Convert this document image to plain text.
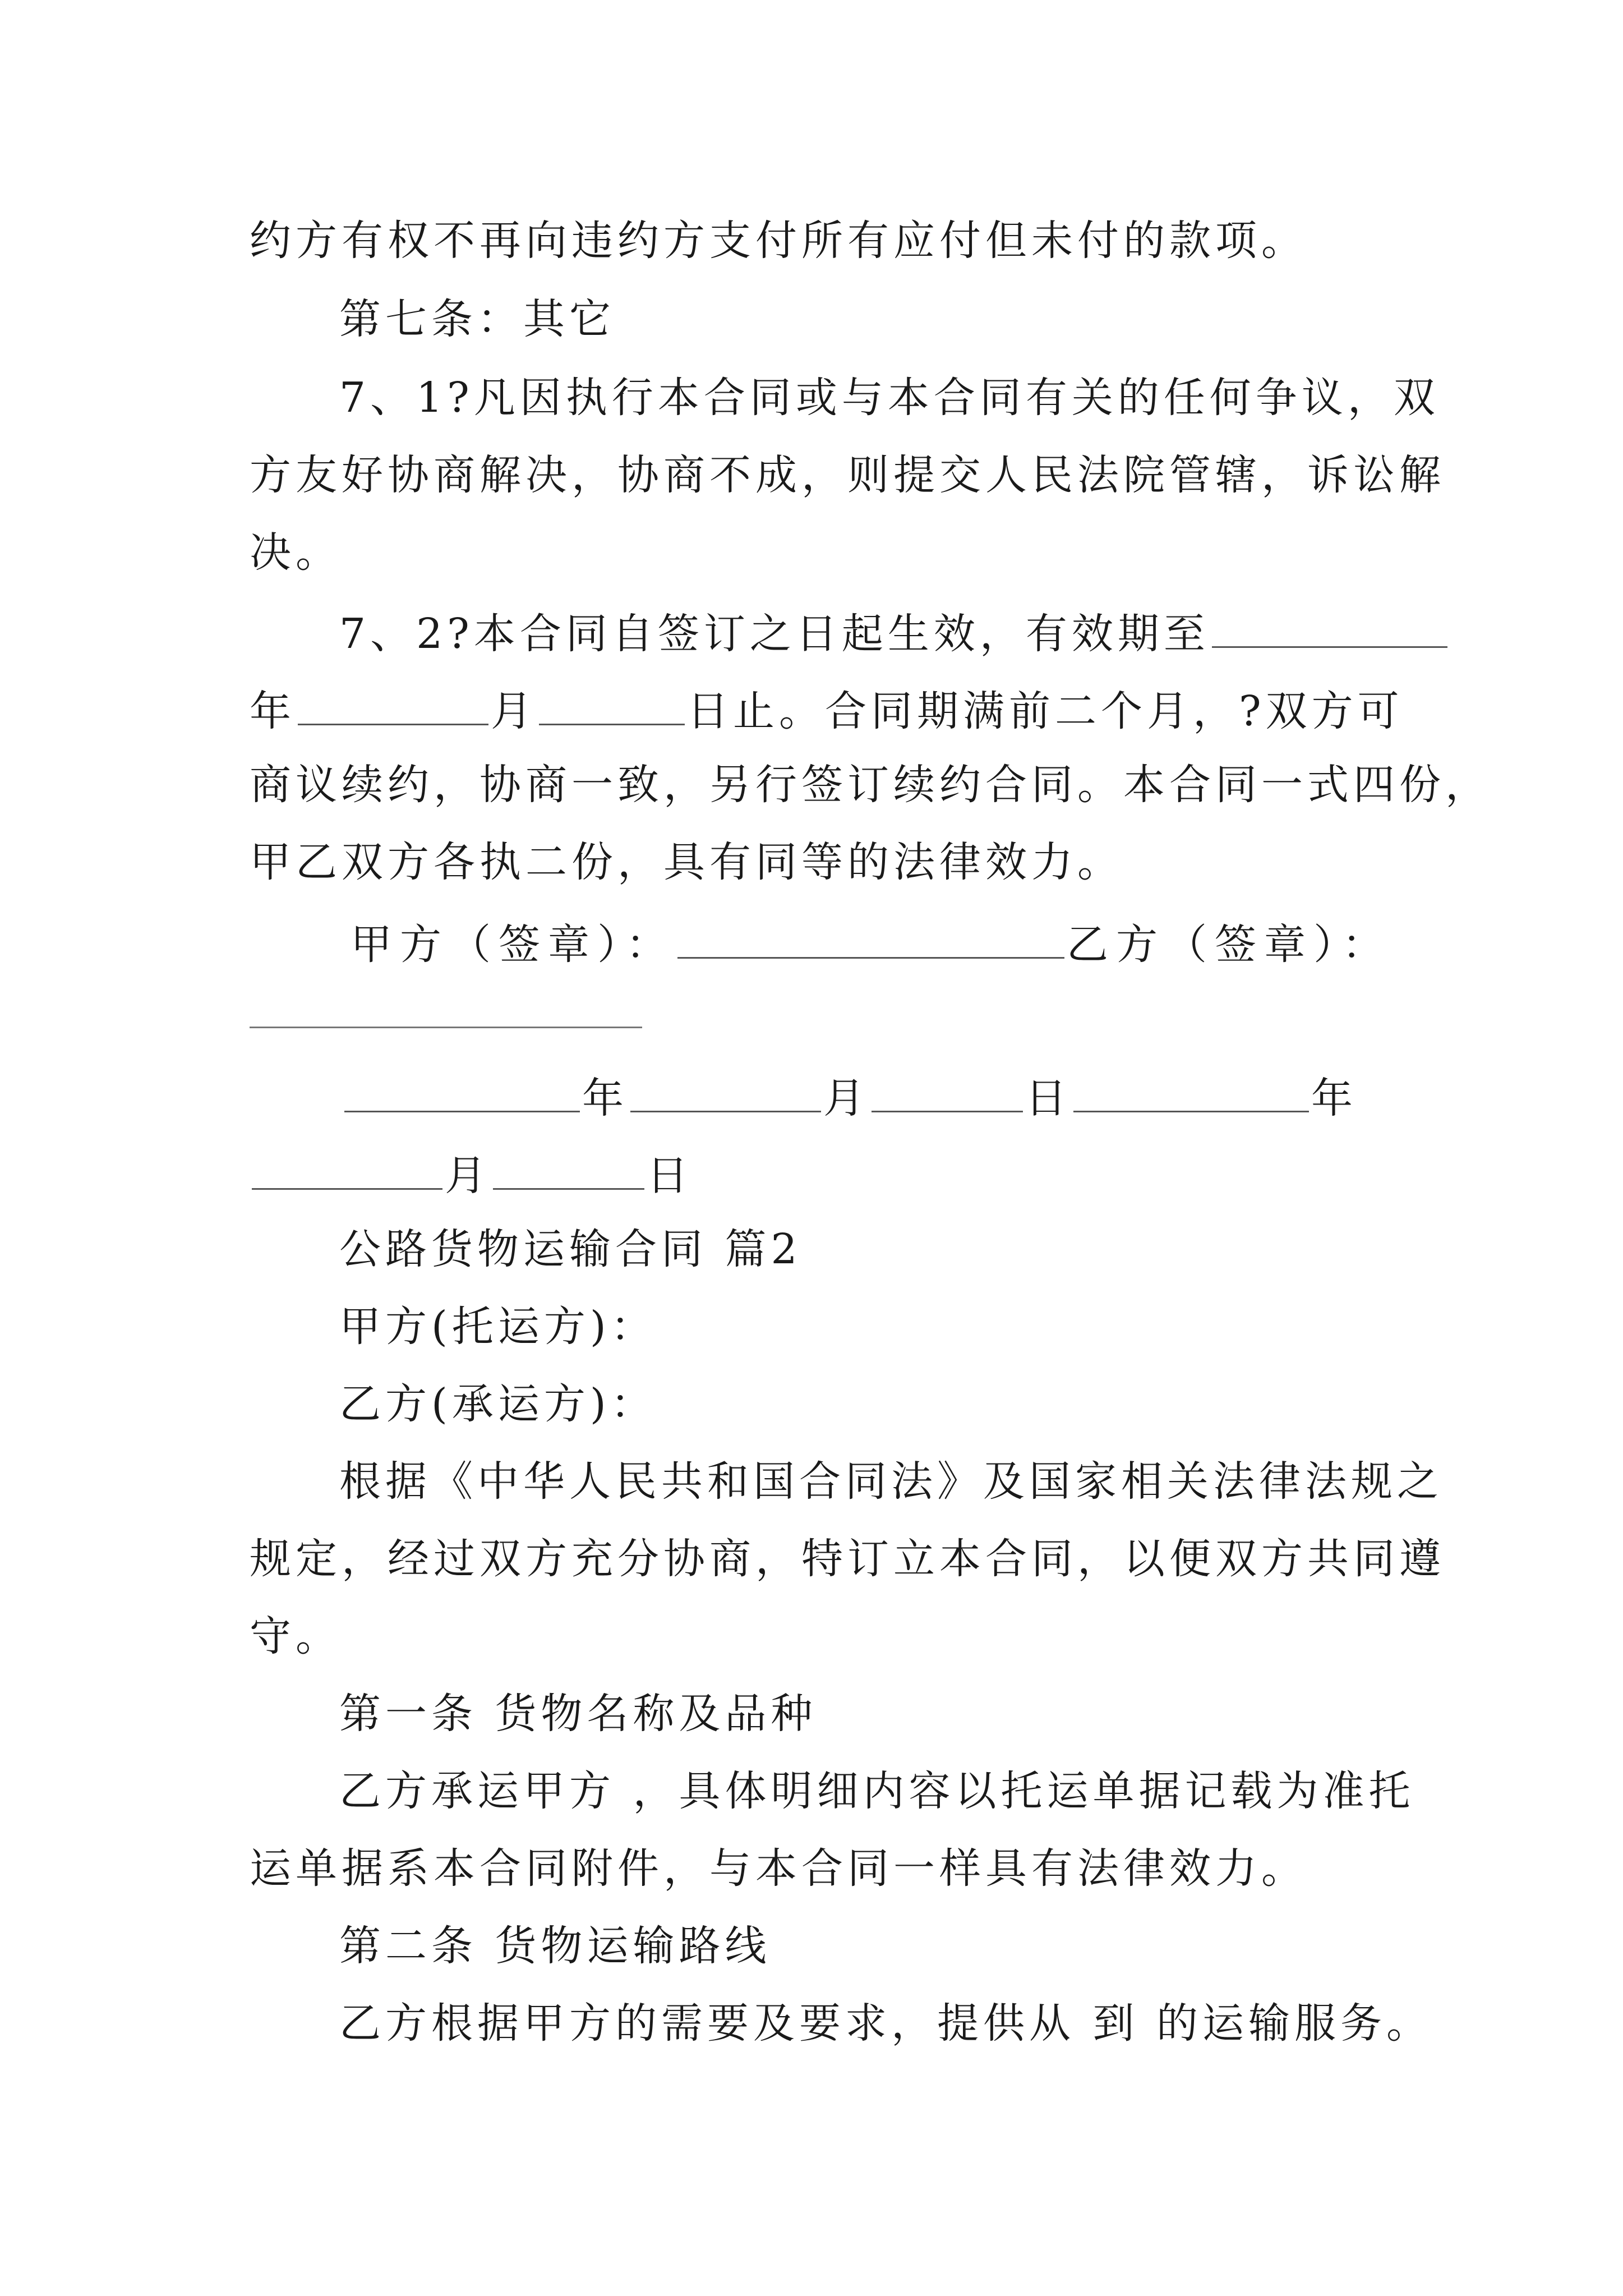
约方有权不再向违约方支付所有应付但未付的款项。
第七条：其它
7、1?凡因执行本合同或与本合同有关的任何争议，双
方友好协商解决，协商不成，则提交人民法院管辖，诉讼解
决。
7、2?本合同自签订之日起生效，有效期至
年	月	日止。合同期满前二个月，?双方可
商议续约，协商一致，另行签订续约合同。本合同一式四份，
甲乙双方各执二份，具有同等的法律效力。
甲方（签章）：	乙方（签章）：
年	月	日	年
月	日
公路货物运输合同 篇2
甲方(托运方)：
乙方(承运方)：
根据《中华人民共和国合同法》及国家相关法律法规之
规定，经过双方充分协商，特订立本合同，以便双方共同遵
守。
第一条 货物名称及品种
乙方承运甲方 ，具体明细内容以托运单据记载为准托
运单据系本合同附件，与本合同一样具有法律效力。
第二条 货物运输路线
乙方根据甲方的需要及要求，提供从 到 的运输服务。
